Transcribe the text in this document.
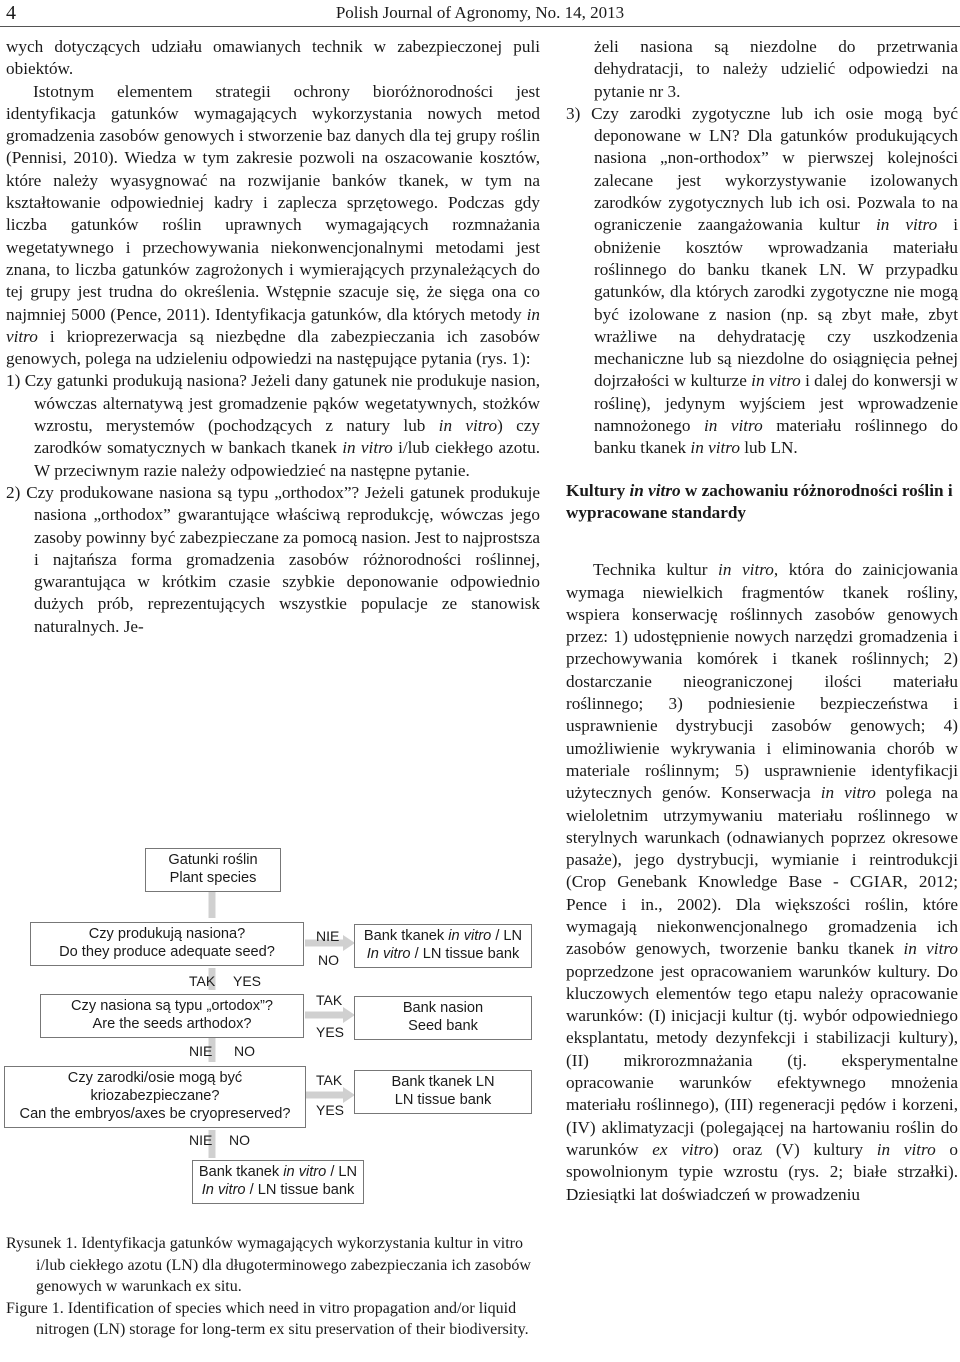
4	Polish Journal of Agronomy, No. 14, 2013

wych dotyczących udziału omawianych technik w zabezpieczonej puli obiektów.

Istotnym elementem strategii ochrony bioróżnorodności jest identyfikacja gatunków wymagających wykorzystania nowych metod gromadzenia zasobów genowych i stworzenie baz danych dla tej grupy roślin (Pennisi, 2010). Wiedza w tym zakresie pozwoli na oszacowanie kosztów, które należy wyasygnować na rozwijanie banków tkanek, w tym na kształtowanie odpowiedniej kadry i zaplecza sprzętowego. Podczas gdy liczba gatunków roślin uprawnych wymagających rozmnażania wegetatywnego i przechowywania niekonwencjonalnymi metodami jest znana, to liczba gatunków zagrożonych i wymierających przynależących do tej grupy jest trudna do określenia. Wstępnie szacuje się, że sięga ona co najmniej 5000 (Pence, 2011). Identyfikacja gatunków, dla których metody in vitro i krioprezerwacja są niezbędne dla zabezpieczania ich zasobów genowych, polega na udzieleniu odpowiedzi na następujące pytania (rys. 1):

1) Czy gatunki produkują nasiona? Jeżeli dany gatunek nie produkuje nasion, wówczas alternatywą jest gromadzenie pąków wegetatywnych, stożków wzrostu, merystemów (pochodzących z natury lub in vitro) czy zarodków somatycznych w bankach tkanek in vitro i/lub ciekłego azotu. W przeciwnym razie należy odpowiedzieć na następne pytanie.

2) Czy produkowane nasiona są typu „orthodox”? Jeżeli gatunek produkuje nasiona „orthodox” gwarantujące właściwą reprodukcję, wówczas jego zasoby powinny być zabezpieczane za pomocą nasion. Jest to najprostsza i najtańsza forma gromadzenia zasobów różnorodności roślinnej, gwarantująca w krótkim czasie szybkie deponowanie odpowiednio dużych prób, reprezentujących wszystkie populacje ze stanowisk naturalnych. Je-

Gatunki roślin
Plant species
Czy produkują nasiona?
Do they produce adequate seed?
TAK YES
Czy nasiona są typu „ortodox”?
Are the seeds arthodox?
NIE NO
Czy zarodki/osie mogą być
kriozabezpieczane?
Can the embryos/axes be cryopreserved?
NIE NO
Bank tkanek in vitro / LN
In vitro / LN tissue bank
NIE
NO
TAK
YES
TAK
YES
Bank tkanek in vitro / LN
In vitro / LN tissue bank
Bank nasion
Seed bank
Bank tkanek LN
LN tissue bank

Rysunek 1. Identyfikacja gatunków wymagających wykorzystania kultur in vitro i/lub ciekłego azotu (LN) dla długoterminowego zabezpieczania ich zasobów genowych w warunkach ex situ.

Figure 1. Identification of species which need in vitro propagation and/or liquid nitrogen (LN) storage for long-term ex situ preservation of their biodiversity.

żeli nasiona są niezdolne do przetrwania dehydratacji, to należy udzielić odpowiedzi na pytanie nr 3.

3) Czy zarodki zygotyczne lub ich osie mogą być deponowane w LN? Dla gatunków produkujących nasiona „non-orthodox” w pierwszej kolejności zalecane jest wykorzystywanie izolowanych zarodków zygotycznych lub ich osi. Pozwala to na ograniczenie zaangażowania kultur in vitro i obniżenie kosztów wprowadzania materiału roślinnego do banku tkanek LN. W przypadku gatunków, dla których zarodki zygotyczne nie mogą być izolowane z nasion (np. są zbyt małe, zbyt wrażliwe na dehydratację czy uszkodzenia mechaniczne lub są niezdolne do osiągnięcia pełnej dojrzałości w kulturze in vitro i dalej do konwersji w roślinę), jedynym wyjściem jest wprowadzenie namnożonego in vitro materiału roślinnego do banku tkanek in vitro lub LN.

Kultury in vitro w zachowaniu różnorodności roślin i wypracowane standardy

Technika kultur in vitro, która do zainicjowania wymaga niewielkich fragmentów tkanek rośliny, wspiera konserwację roślinnych zasobów genowych przez: 1) udostępnienie nowych narzędzi gromadzenia i przechowywania komórek i tkanek roślinnych; 2) dostarczanie nieograniczonej ilości materiału roślinnego; 3) podniesienie bezpieczeństwa i usprawnienie dystrybucji zasobów genowych; 4) umożliwienie wykrywania i eliminowania chorób w materiale roślinnym; 5) usprawnienie identyfikacji użytecznych genów. Konserwacja in vitro polega na wieloletnim utrzymywaniu materiału roślinnego w sterylnych warunkach (odnawianych poprzez okresowe pasaże), jego dystrybucji, wymianie i reintrodukcji (Crop Genebank Knowledge Base - CGIAR, 2012; Pence i in., 2002). Dla większości roślin, które wymagają niekonwencjonalnego gromadzenia ich zasobów genowych, tworzenie banku tkanek in vitro poprzedzone jest opracowaniem warunków kultury. Do kluczowych elementów tego etapu należy opracowanie warunków: (I) inicjacji kultur (tj. wybór odpowiedniego eksplantatu, metody dezynfekcji i stabilizacji kultury), (II) mikrorozmnażania (tj. eksperymentalne opracowanie warunków efektywnego mnożenia materiału roślinnego), (III) regeneracji pędów i korzeni, (IV) aklimatyzacji (polegającej na hartowaniu roślin do warunków ex vitro) oraz (V) kultury in vitro o spowolnionym typie wzrostu (rys. 2; białe strzałki). Dziesiątki lat doświadczeń w prowadzeniu
